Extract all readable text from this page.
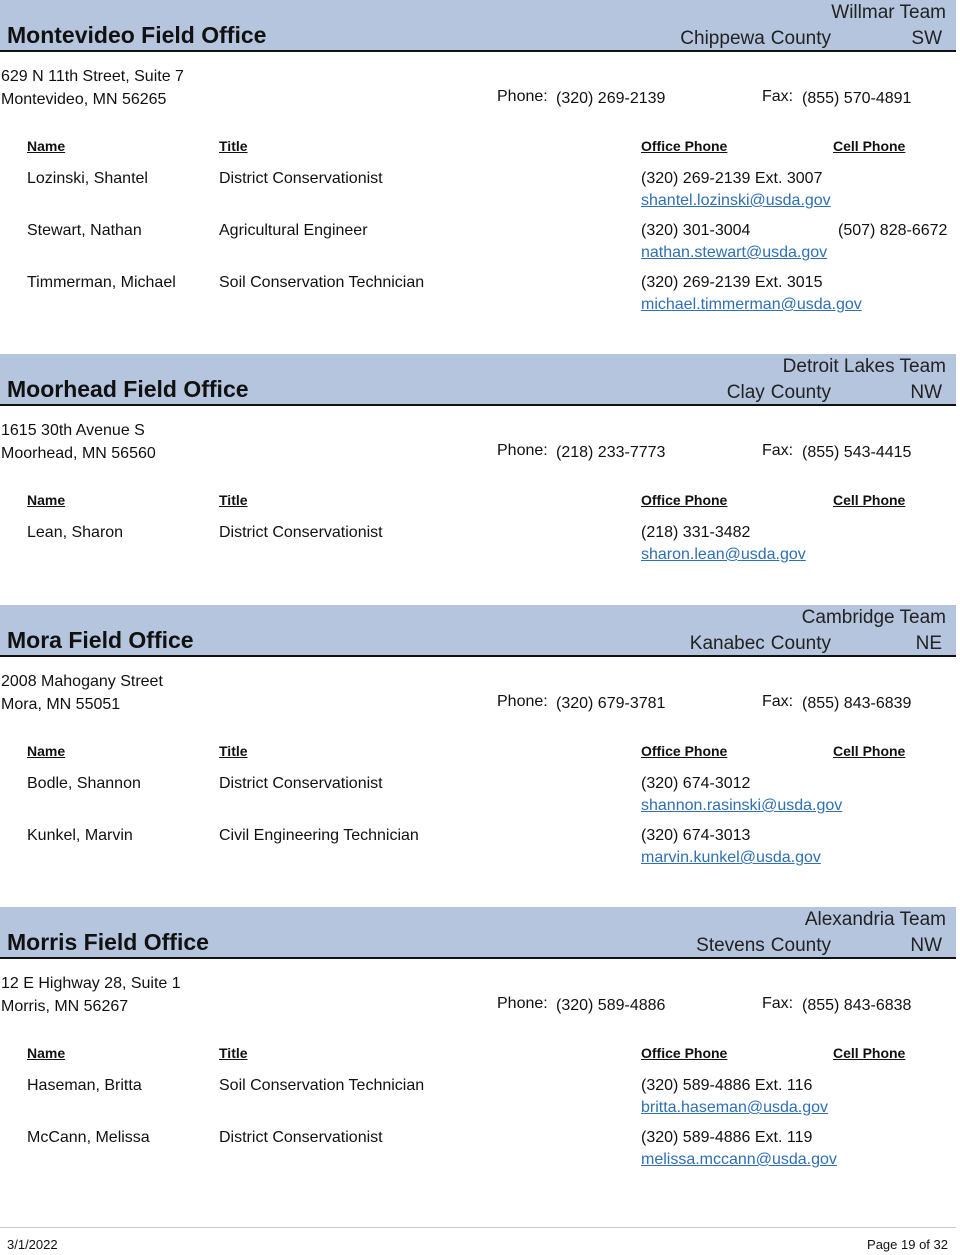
Montevideo Field Office
Willmar Team
Chippewa County	SW
629 N 11th Street, Suite 7
Montevideo, MN 56265	Phone: (320) 269-2139	Fax: (855) 570-4891
Name	Title	Office Phone	Cell Phone
Lozinski, Shantel	District Conservationist	(320) 269-2139 Ext. 3007
shantel.lozinski@usda.gov
Stewart, Nathan	Agricultural Engineer	(320) 301-3004	(507) 828-6672
nathan.stewart@usda.gov
Timmerman, Michael	Soil Conservation Technician	(320) 269-2139 Ext. 3015
michael.timmerman@usda.gov
Moorhead Field Office
Detroit Lakes Team
Clay County	NW
1615 30th Avenue S
Moorhead, MN 56560	Phone: (218) 233-7773	Fax: (855) 543-4415
Name	Title	Office Phone	Cell Phone
Lean, Sharon	District Conservationist	(218) 331-3482
sharon.lean@usda.gov
Mora Field Office
Cambridge Team
Kanabec County	NE
2008 Mahogany Street
Mora, MN 55051	Phone: (320) 679-3781	Fax: (855) 843-6839
Name	Title	Office Phone	Cell Phone
Bodle, Shannon	District Conservationist	(320) 674-3012
shannon.rasinski@usda.gov
Kunkel, Marvin	Civil Engineering Technician	(320) 674-3013
marvin.kunkel@usda.gov
Morris Field Office
Alexandria Team
Stevens County	NW
12 E Highway 28, Suite 1
Morris, MN 56267	Phone: (320) 589-4886	Fax: (855) 843-6838
Name	Title	Office Phone	Cell Phone
Haseman, Britta	Soil Conservation Technician	(320) 589-4886 Ext. 116
britta.haseman@usda.gov
McCann, Melissa	District Conservationist	(320) 589-4886 Ext. 119
melissa.mccann@usda.gov
3/1/2022	Page 19 of 32
